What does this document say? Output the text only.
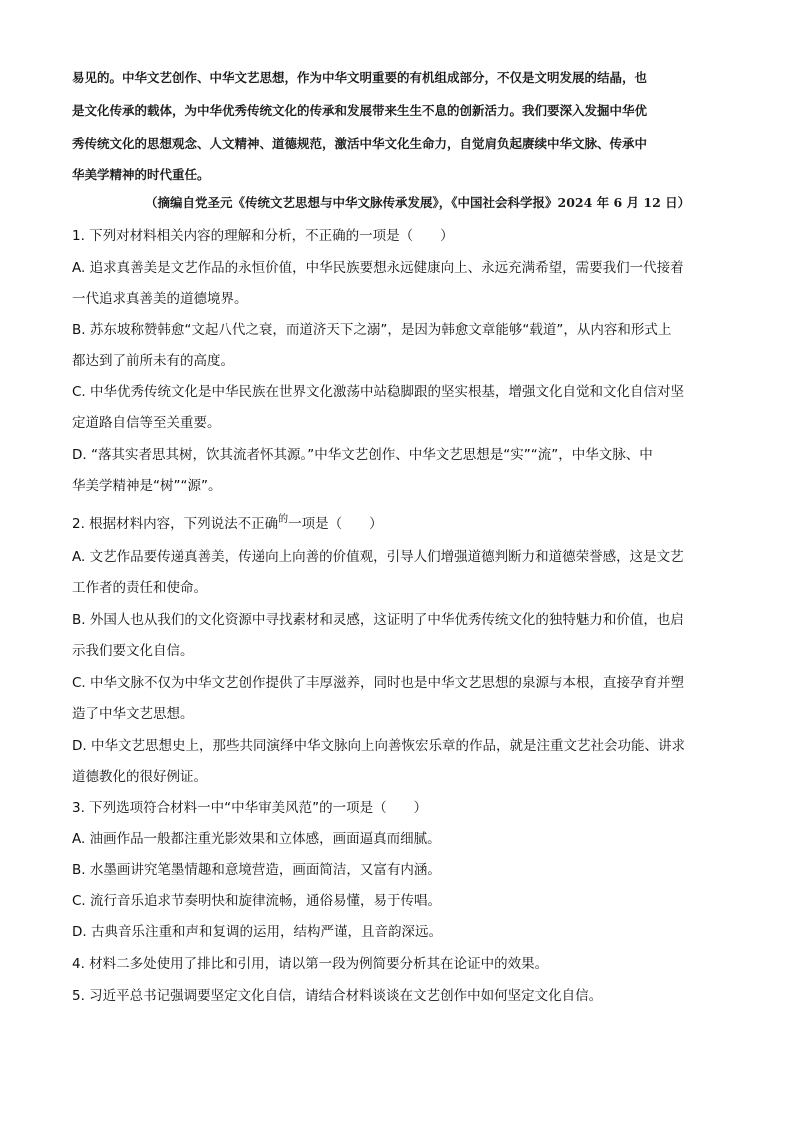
易见的。中华文艺创作、中华文艺思想，作为中华文明重要的有机组成部分，不仅是文明发展的结晶，也

是文化传承的载体，为中华优秀传统文化的传承和发展带来生生不息的创新活力。我们要深入发掘中华优

秀传统文化的思想观念、人文精神、道德规范，激活中华文化生命力，自觉肩负起赓续中华文脉、传承中

华美学精神的时代重任。

（摘编自党圣元《传统文艺思想与中华文脉传承发展》，《中国社会科学报》2024 年 6 月 12 日）

1. 下列对材料相关内容的理解和分析，不正确的一项是（　　）

A. 追求真善美是文艺作品的永恒价值，中华民族要想永远健康向上、永远充满希望，需要我们一代接着

一代追求真善美的道德境界。

B. 苏东坡称赞韩愈“文起八代之衰，而道济天下之溺”，是因为韩愈文章能够“载道”，从内容和形式上

都达到了前所未有的高度。

C. 中华优秀传统文化是中华民族在世界文化激荡中站稳脚跟的坚实根基，增强文化自觉和文化自信对坚

定道路自信等至关重要。

D. “落其实者思其树，饮其流者怀其源。”中华文艺创作、中华文艺思想是“实”“流”，中华文脉、中

华美学精神是“树”“源”。

2. 根据材料内容，下列说法不正确$^的$一项是（　　）

A. 文艺作品要传递真善美，传递向上向善的价值观，引导人们增强道德判断力和道德荣誉感，这是文艺

工作者的责任和使命。

B. 外国人也从我们的文化资源中寻找素材和灵感，这证明了中华优秀传统文化的独特魅力和价值，也启

示我们要文化自信。

C. 中华文脉不仅为中华文艺创作提供了丰厚滋养，同时也是中华文艺思想的泉源与本根，直接孕育并塑

造了中华文艺思想。

D. 中华文艺思想史上，那些共同演绎中华文脉向上向善恢宏乐章的作品，就是注重文艺社会功能、讲求

道德教化的很好例证。

3. 下列选项符合材料一中“中华审美风范”的一项是（　　）

A. 油画作品一般都注重光影效果和立体感，画面逼真而细腻。

B. 水墨画讲究笔墨情趣和意境营造，画面简洁，又富有内涵。

C. 流行音乐追求节奏明快和旋律流畅，通俗易懂，易于传唱。

D. 古典音乐注重和声和复调的运用，结构严谨，且音韵深远。

4. 材料二多处使用了排比和引用，请以第一段为例简要分析其在论证中的效果。

5. 习近平总书记强调要坚定文化自信，请结合材料谈谈在文艺创作中如何坚定文化自信。
